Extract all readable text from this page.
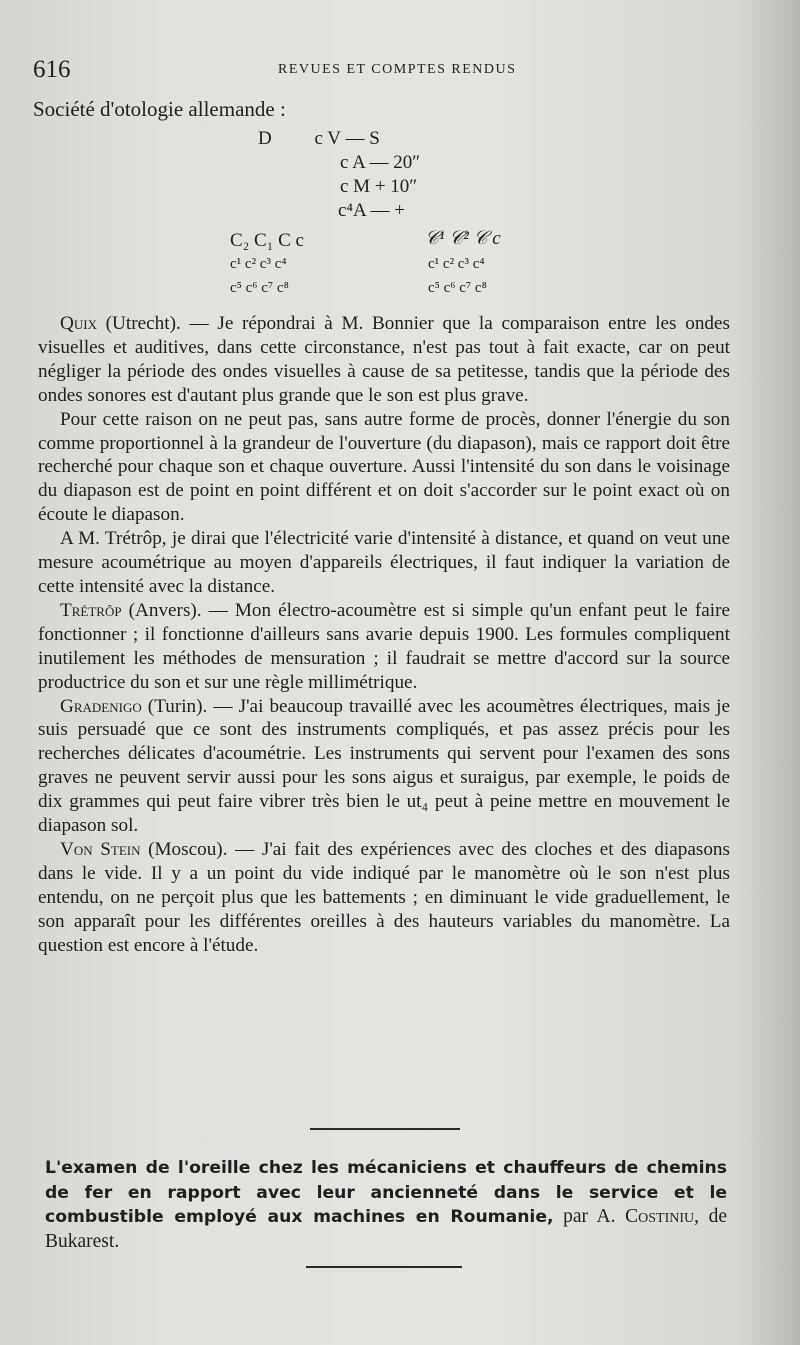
616	REVUES ET COMPTES RENDUS
Société d'otologie allemande :
D         c V — S
c A — 20″
c M + 10″
c⁴A — +
C₂ C₁ C c	𝒞¹ 𝒞² 𝒞 c
c¹ c² c³ c⁴	c¹ c² c³ c⁴
c⁵ c⁶ c⁷ c⁸	c⁵ c⁶ c⁷ c⁸

Quix (Utrecht). — Je répondrai à M. Bonnier que la comparaison entre les ondes visuelles et auditives, dans cette circonstance, n'est pas tout à fait exacte, car on peut négliger la période des ondes visuelles à cause de sa petitesse, tandis que la période des ondes sonores est d'autant plus grande que le son est plus grave.

Pour cette raison on ne peut pas, sans autre forme de procès, donner l'énergie du son comme proportionnel à la grandeur de l'ouverture (du diapason), mais ce rapport doit être recherché pour chaque son et chaque ouverture. Aussi l'intensité du son dans le voisinage du diapason est de point en point différent et on doit s'accorder sur le point exact où on écoute le diapason.

A M. Trétrôp, je dirai que l'électricité varie d'intensité à distance, et quand on veut une mesure acoumétrique au moyen d'appareils électriques, il faut indiquer la variation de cette intensité avec la distance.

Trétrôp (Anvers). — Mon électro-acoumètre est si simple qu'un enfant peut le faire fonctionner ; il fonctionne d'ailleurs sans avarie depuis 1900. Les formules compliquent inutilement les méthodes de mensuration ; il faudrait se mettre d'accord sur la source productrice du son et sur une règle millimétrique.

Gradenigo (Turin). — J'ai beaucoup travaillé avec les acoumètres électriques, mais je suis persuadé que ce sont des instruments compliqués, et pas assez précis pour les recherches délicates d'acoumétrie. Les instruments qui servent pour l'examen des sons graves ne peuvent servir aussi pour les sons aigus et suraigus, par exemple, le poids de dix grammes qui peut faire vibrer très bien le ut₄ peut à peine mettre en mouvement le diapason sol.

Von Stein (Moscou). — J'ai fait des expériences avec des cloches et des diapasons dans le vide. Il y a un point du vide indiqué par le manomètre où le son n'est plus entendu, on ne perçoit plus que les battements ; en diminuant le vide graduellement, le son apparaît pour les différentes oreilles à des hauteurs variables du manomètre. La question est encore à l'étude.

L'examen de l'oreille chez les mécaniciens et chauffeurs de chemins de fer en rapport avec leur ancienneté dans le service et le combustible employé aux machines en Roumanie, par A. Costiniu, de Bukarest.
